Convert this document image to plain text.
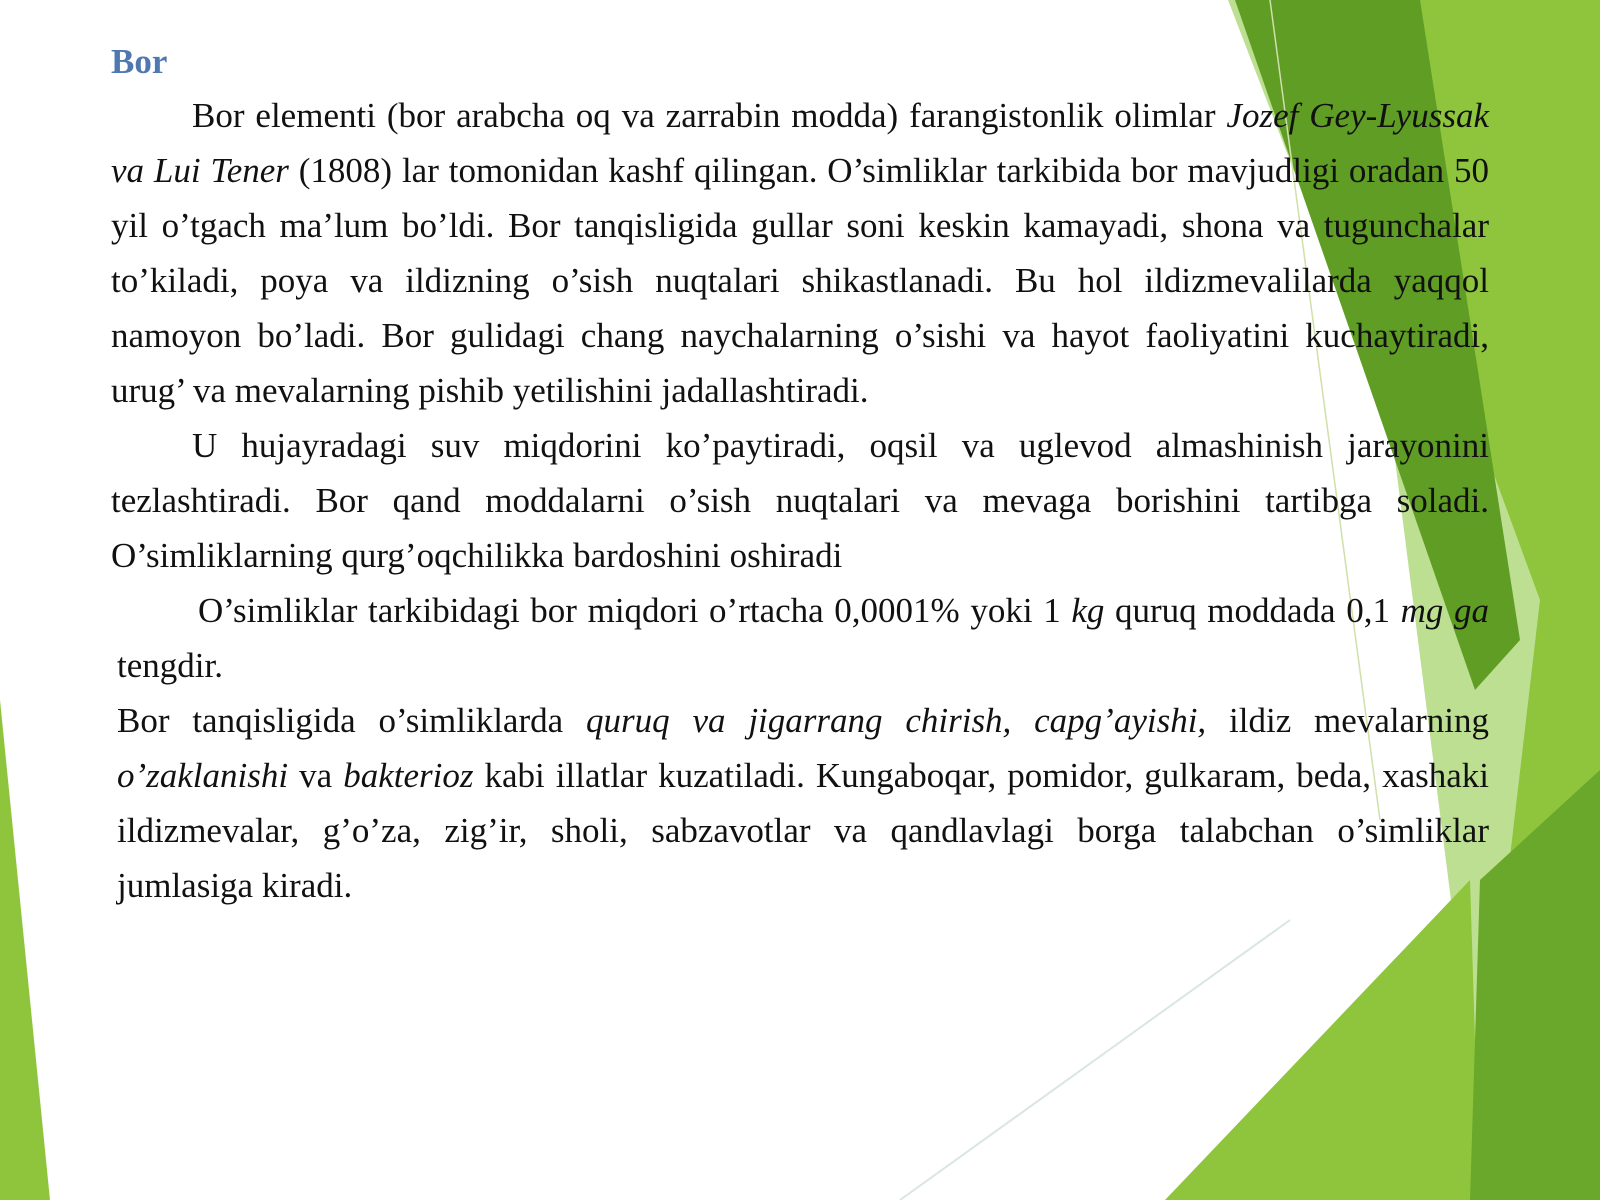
Bor

Bor elementi (bor arabcha oq va zarrabin modda) farangistonlik olimlar Jozef Gey-Lyussak va Lui Tener (1808) lar tomonidan kashf qilingan. O’simliklar tarkibida bor mavjudligi oradan 50 yil o’tgach ma’lum bo’ldi. Bor tanqisligida gullar soni keskin kamayadi, shona va tugunchalar to’kiladi, poya va ildizning o’sish nuqtalari shikastlanadi. Bu hol ildizmevalilarda yaqqol namoyon bo’ladi. Bor gulidagi chang naychalarning o’sishi va hayot faoliyatini kuchaytiradi, urug’ va mevalarning pishib yetilishini jadallashtiradi.

U hujayradagi suv miqdorini ko’paytiradi, oqsil va uglevod almashinish jarayonini tezlashtiradi. Bor qand moddalarni o’sish nuqtalari va mevaga borishini tartibga soladi. O’simliklarning qurg’oqchilikka bardoshini oshiradi

O’simliklar tarkibidagi bor miqdori o’rtacha 0,0001% yoki 1 kg quruq moddada 0,1 mg ga tengdir.

Bor tanqisligida o’simliklarda quruq va jigarrang chirish, capg’ayishi, ildiz mevalarning o’zaklanishi va bakterioz kabi illatlar kuzatiladi. Kungaboqar, pomidor, gulkaram, beda, xashaki ildizmevalar, g’o’za, zig’ir, sholi, sabzavotlar va qandlavlagi borga talabchan o’simliklar jumlasiga kiradi.
